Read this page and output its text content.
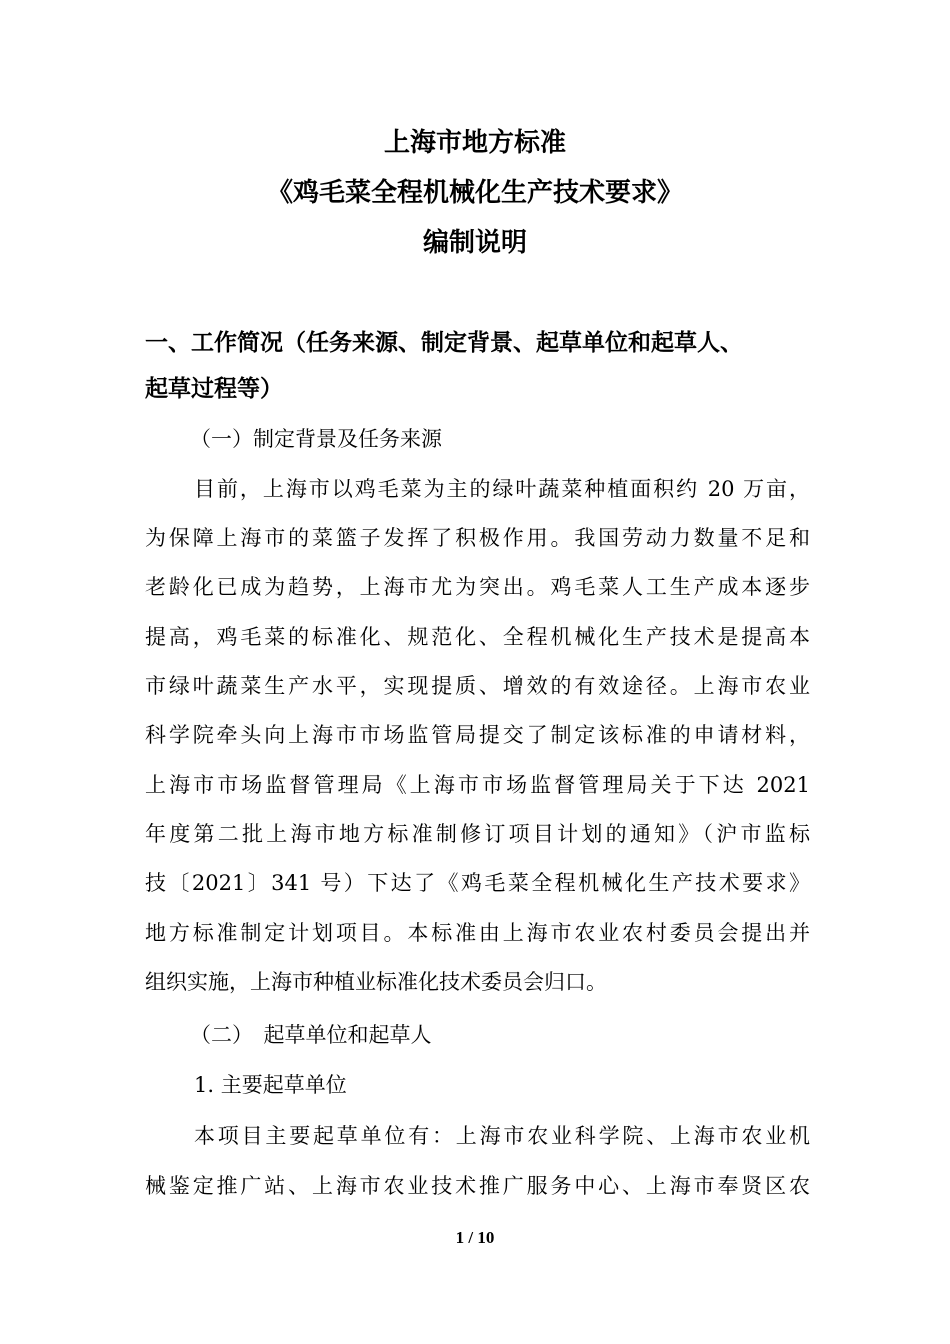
上海市地方标准
《鸡毛菜全程机械化生产技术要求》
编制说明
一、工作简况（任务来源、制定背景、起草单位和起草人、
起草过程等）
（一）制定背景及任务来源
目前，上海市以鸡毛菜为主的绿叶蔬菜种植面积约 20 万亩，
为保障上海市的菜篮子发挥了积极作用。我国劳动力数量不足和
老龄化已成为趋势，上海市尤为突出。鸡毛菜人工生产成本逐步
提高，鸡毛菜的标准化、规范化、全程机械化生产技术是提高本
市绿叶蔬菜生产水平，实现提质、增效的有效途径。上海市农业
科学院牵头向上海市市场监管局提交了制定该标准的申请材料，
上海市市场监督管理局《上海市市场监督管理局关于下达 2021
年度第二批上海市地方标准制修订项目计划的通知》（沪市监标
技〔2021〕341 号）下达了《鸡毛菜全程机械化生产技术要求》
地方标准制定计划项目。本标准由上海市农业农村委员会提出并
组织实施，上海市种植业标准化技术委员会归口。
（二）　起草单位和起草人
1. 主要起草单位
本项目主要起草单位有：上海市农业科学院、上海市农业机
械鉴定推广站、上海市农业技术推广服务中心、上海市奉贤区农
1 / 10
